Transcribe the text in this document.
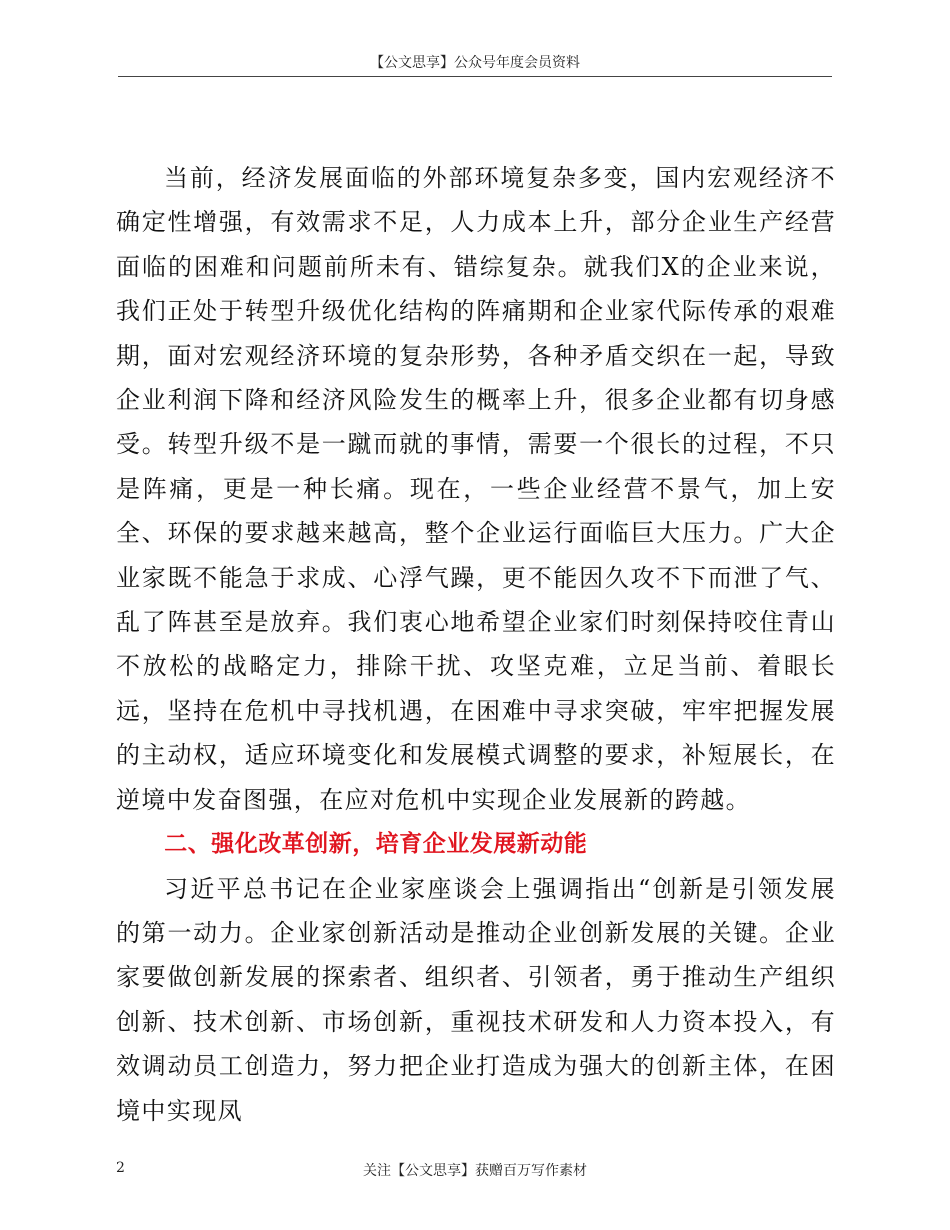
【公文思享】公众号年度会员资料

当前，经济发展面临的外部环境复杂多变，国内宏观经济不确定性增强，有效需求不足，人力成本上升，部分企业生产经营面临的困难和问题前所未有、错综复杂。就我们X的企业来说，我们正处于转型升级优化结构的阵痛期和企业家代际传承的艰难期，面对宏观经济环境的复杂形势，各种矛盾交织在一起，导致企业利润下降和经济风险发生的概率上升，很多企业都有切身感受。转型升级不是一蹴而就的事情，需要一个很长的过程，不只是阵痛，更是一种长痛。现在，一些企业经营不景气，加上安全、环保的要求越来越高，整个企业运行面临巨大压力。广大企业家既不能急于求成、心浮气躁，更不能因久攻不下而泄了气、乱了阵甚至是放弃。我们衷心地希望企业家们时刻保持咬住青山不放松的战略定力，排除干扰、攻坚克难，立足当前、着眼长远，坚持在危机中寻找机遇，在困难中寻求突破，牢牢把握发展的主动权，适应环境变化和发展模式调整的要求，补短展长，在逆境中发奋图强，在应对危机中实现企业发展新的跨越。

二、强化改革创新，培育企业发展新动能

习近平总书记在企业家座谈会上强调指出“创新是引领发展的第一动力。企业家创新活动是推动企业创新发展的关键。企业家要做创新发展的探索者、组织者、引领者，勇于推动生产组织创新、技术创新、市场创新，重视技术研发和人力资本投入，有效调动员工创造力，努力把企业打造成为强大的创新主体，在困境中实现凤

2	关注【公文思享】获赠百万写作素材
